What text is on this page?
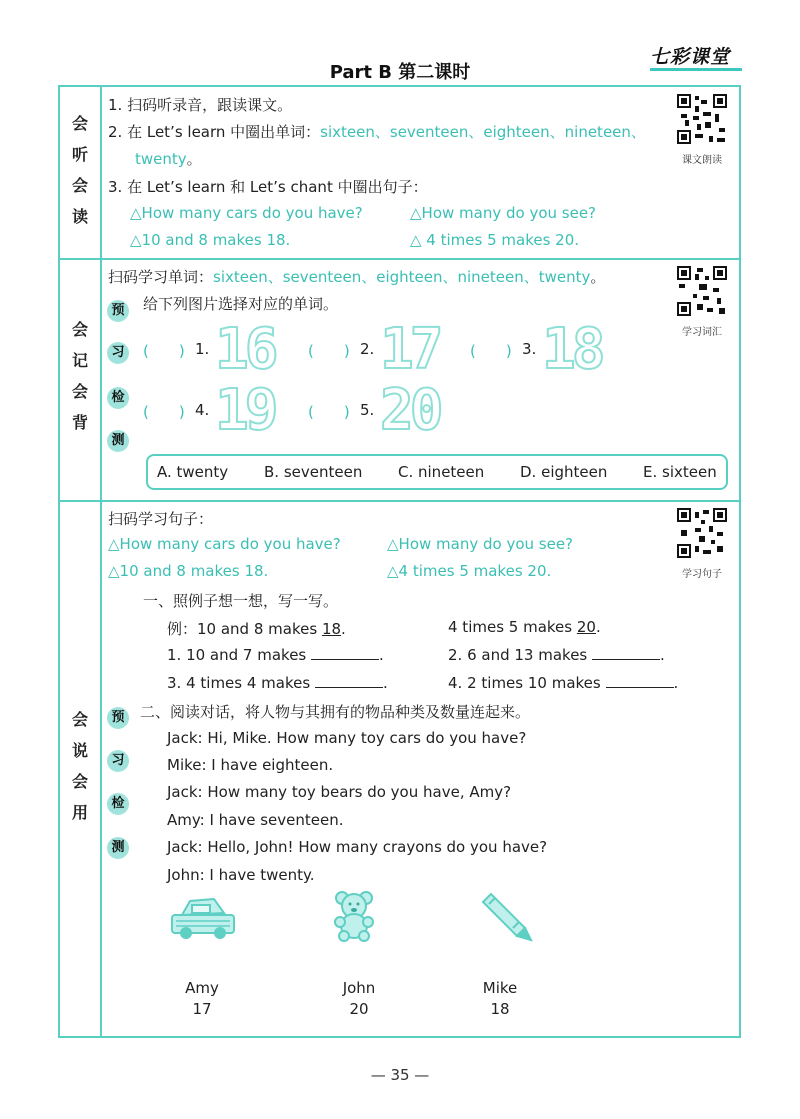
Part B 第二课时
七彩课堂
会
听
会
读
1. 扫码听录音，跟读课文。
2. 在 Let’s learn 中圈出单词：sixteen、seventeen、eighteen、nineteen、
twenty。
3. 在 Let’s learn 和 Let’s chant 中圈出句子：
△How many cars do you have?	△How many do you see?
△10 and 8 makes 18.	△ 4 times 5 makes 20.
课文朗读
会
记
会
背
扫码学习单词：sixteen、seventeen、eighteen、nineteen、twenty。
给下列图片选择对应的单词。
预
习
检
测
(　　) 1. 16 (　　) 2. 17 (　　) 3. 18
(　　) 4. 19 (　　) 5. 20
A. twenty B. seventeen C. nineteen D. eighteen E. sixteen
学习词汇
会
说
会
用
扫码学习句子：
△How many cars do you have?	△How many do you see?
△10 and 8 makes 18.	△4 times 5 makes 20.	学习句子
一、照例子想一想，写一写。
例：10 and 8 makes 18.	4 times 5 makes 20.
1. 10 and 7 makes	.	2. 6 and 13 makes	.
3. 4 times 4 makes	.	4. 2 times 10 makes	.
预
习
检
测
二、阅读对话，将人物与其拥有的物品种类及数量连起来。
Jack: Hi, Mike. How many toy cars do you have?
Mike: I have eighteen.
Jack: How many toy bears do you have, Amy?
Amy: I have seventeen.
Jack: Hello, John! How many crayons do you have?
John: I have twenty.
Amy
17
John
20
Mike
18
— 35 —
